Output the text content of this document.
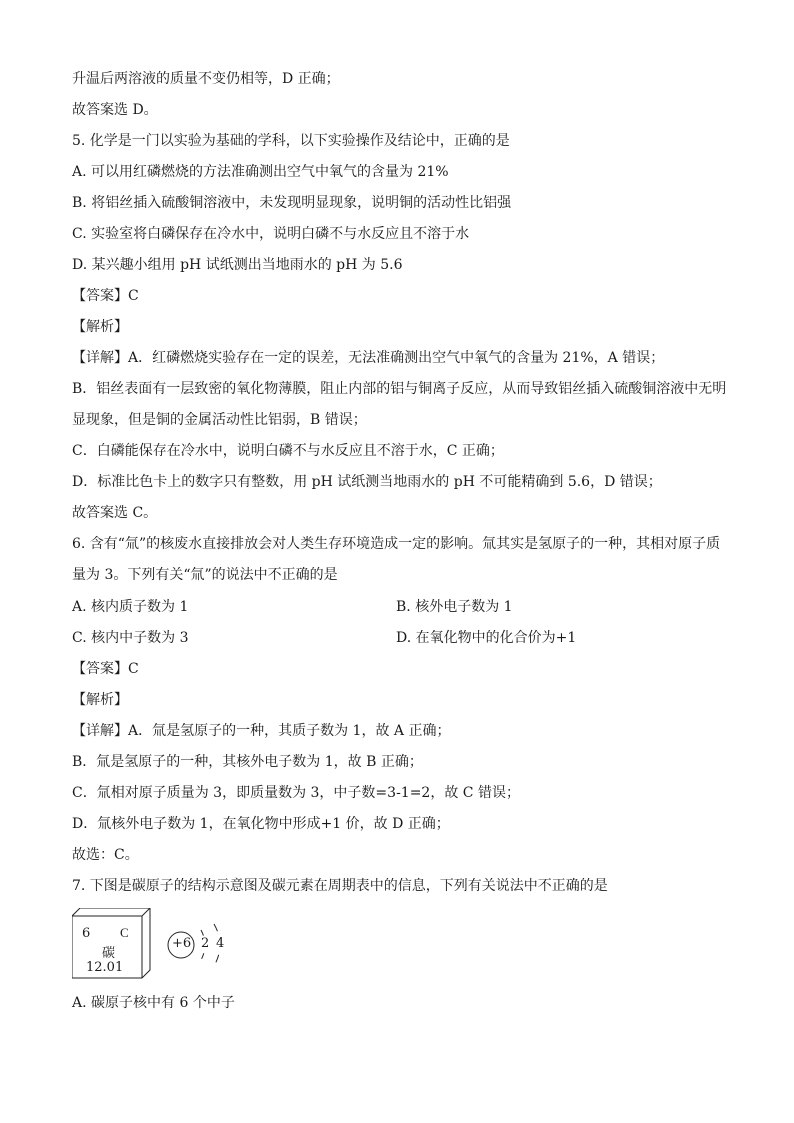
升温后两溶液的质量不变仍相等，D 正确；
故答案选 D。
5. 化学是一门以实验为基础的学科，以下实验操作及结论中，正确的是
A. 可以用红磷燃烧的方法准确测出空气中氧气的含量为 21%
B. 将铝丝插入硫酸铜溶液中，未发现明显现象，说明铜的活动性比铝强
C. 实验室将白磷保存在冷水中，说明白磷不与水反应且不溶于水
D. 某兴趣小组用 pH 试纸测出当地雨水的 pH 为 5.6
【答案】C
【解析】
【详解】A．红磷燃烧实验存在一定的误差，无法准确测出空气中氧气的含量为 21%，A 错误；
B．铝丝表面有一层致密的氧化物薄膜，阻止内部的铝与铜离子反应，从而导致铝丝插入硫酸铜溶液中无明
显现象，但是铜的金属活动性比铝弱，B 错误；
C．白磷能保存在冷水中，说明白磷不与水反应且不溶于水，C 正确；
D．标准比色卡上的数字只有整数，用 pH 试纸测当地雨水的 pH 不可能精确到 5.6，D 错误；
故答案选 C。
6. 含有“氚”的核废水直接排放会对人类生存环境造成一定的影响。氚其实是氢原子的一种，其相对原子质
量为 3。下列有关“氚”的说法中不正确的是
A. 核内质子数为 1	B. 核外电子数为 1
C. 核内中子数为 3	D. 在氧化物中的化合价为+1
【答案】C
【解析】
【详解】A．氚是氢原子的一种，其质子数为 1，故 A 正确；
B．氚是氢原子的一种，其核外电子数为 1，故 B 正确；
C．氚相对原子质量为 3，即质量数为 3，中子数=3-1=2，故 C 错误；
D．氚核外电子数为 1，在氧化物中形成+1 价，故 D 正确；
故选：C。
7. 下图是碳原子的结构示意图及碳元素在周期表中的信息，下列有关说法中不正确的是
6 C
碳
12.01
+6 2 4
A. 碳原子核中有 6 个中子
